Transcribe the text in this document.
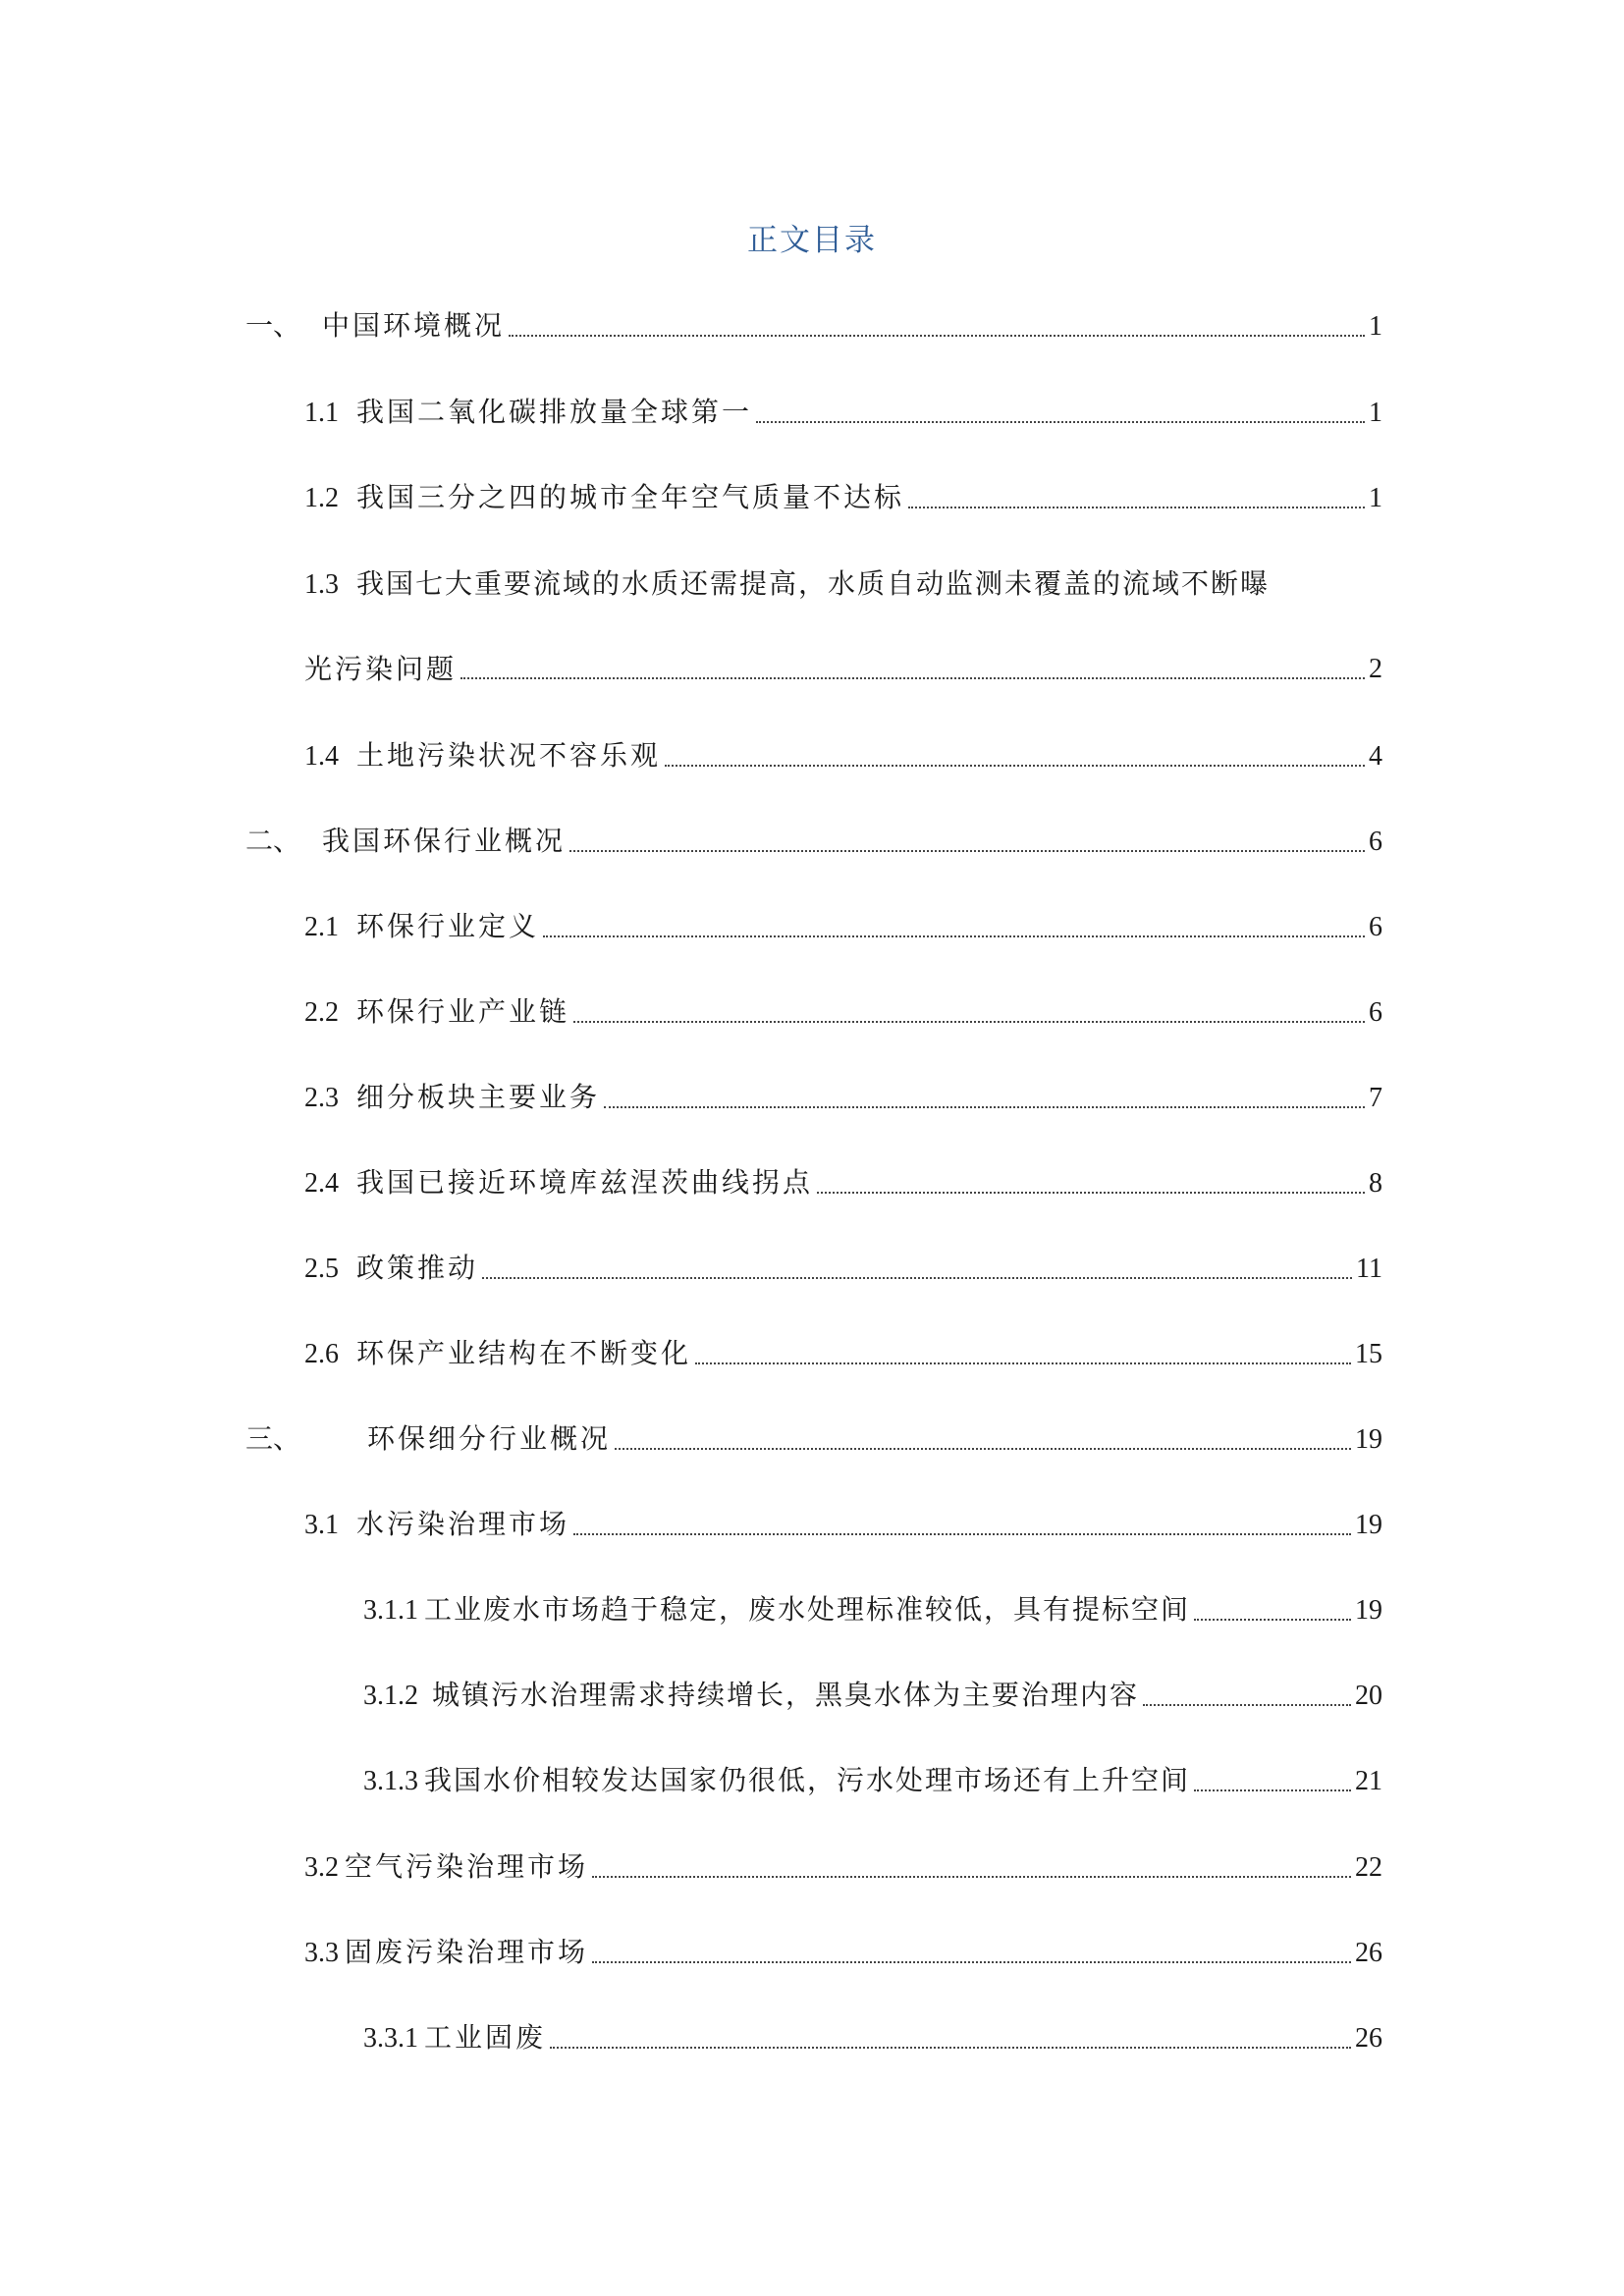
正文目录
一、 中国环境概况	1
1.1 我国二氧化碳排放量全球第一	1
1.2 我国三分之四的城市全年空气质量不达标	1
1.3 我国七大重要流域的水质还需提高，水质自动监测未覆盖的流域不断曝
光污染问题	2
1.4 土地污染状况不容乐观	4
二、 我国环保行业概况	6
2.1 环保行业定义	6
2.2 环保行业产业链	6
2.3 细分板块主要业务	7
2.4 我国已接近环境库兹涅茨曲线拐点	8
2.5 政策推动	11
2.6 环保产业结构在不断变化	15
三、 环保细分行业概况	19
3.1 水污染治理市场	19
3.1.1 工业废水市场趋于稳定，废水处理标准较低，具有提标空间	19
3.1.2 城镇污水治理需求持续增长，黑臭水体为主要治理内容	20
3.1.3 我国水价相较发达国家仍很低，污水处理市场还有上升空间	21
3.2 空气污染治理市场	22
3.3 固废污染治理市场	26
3.3.1 工业固废	26
